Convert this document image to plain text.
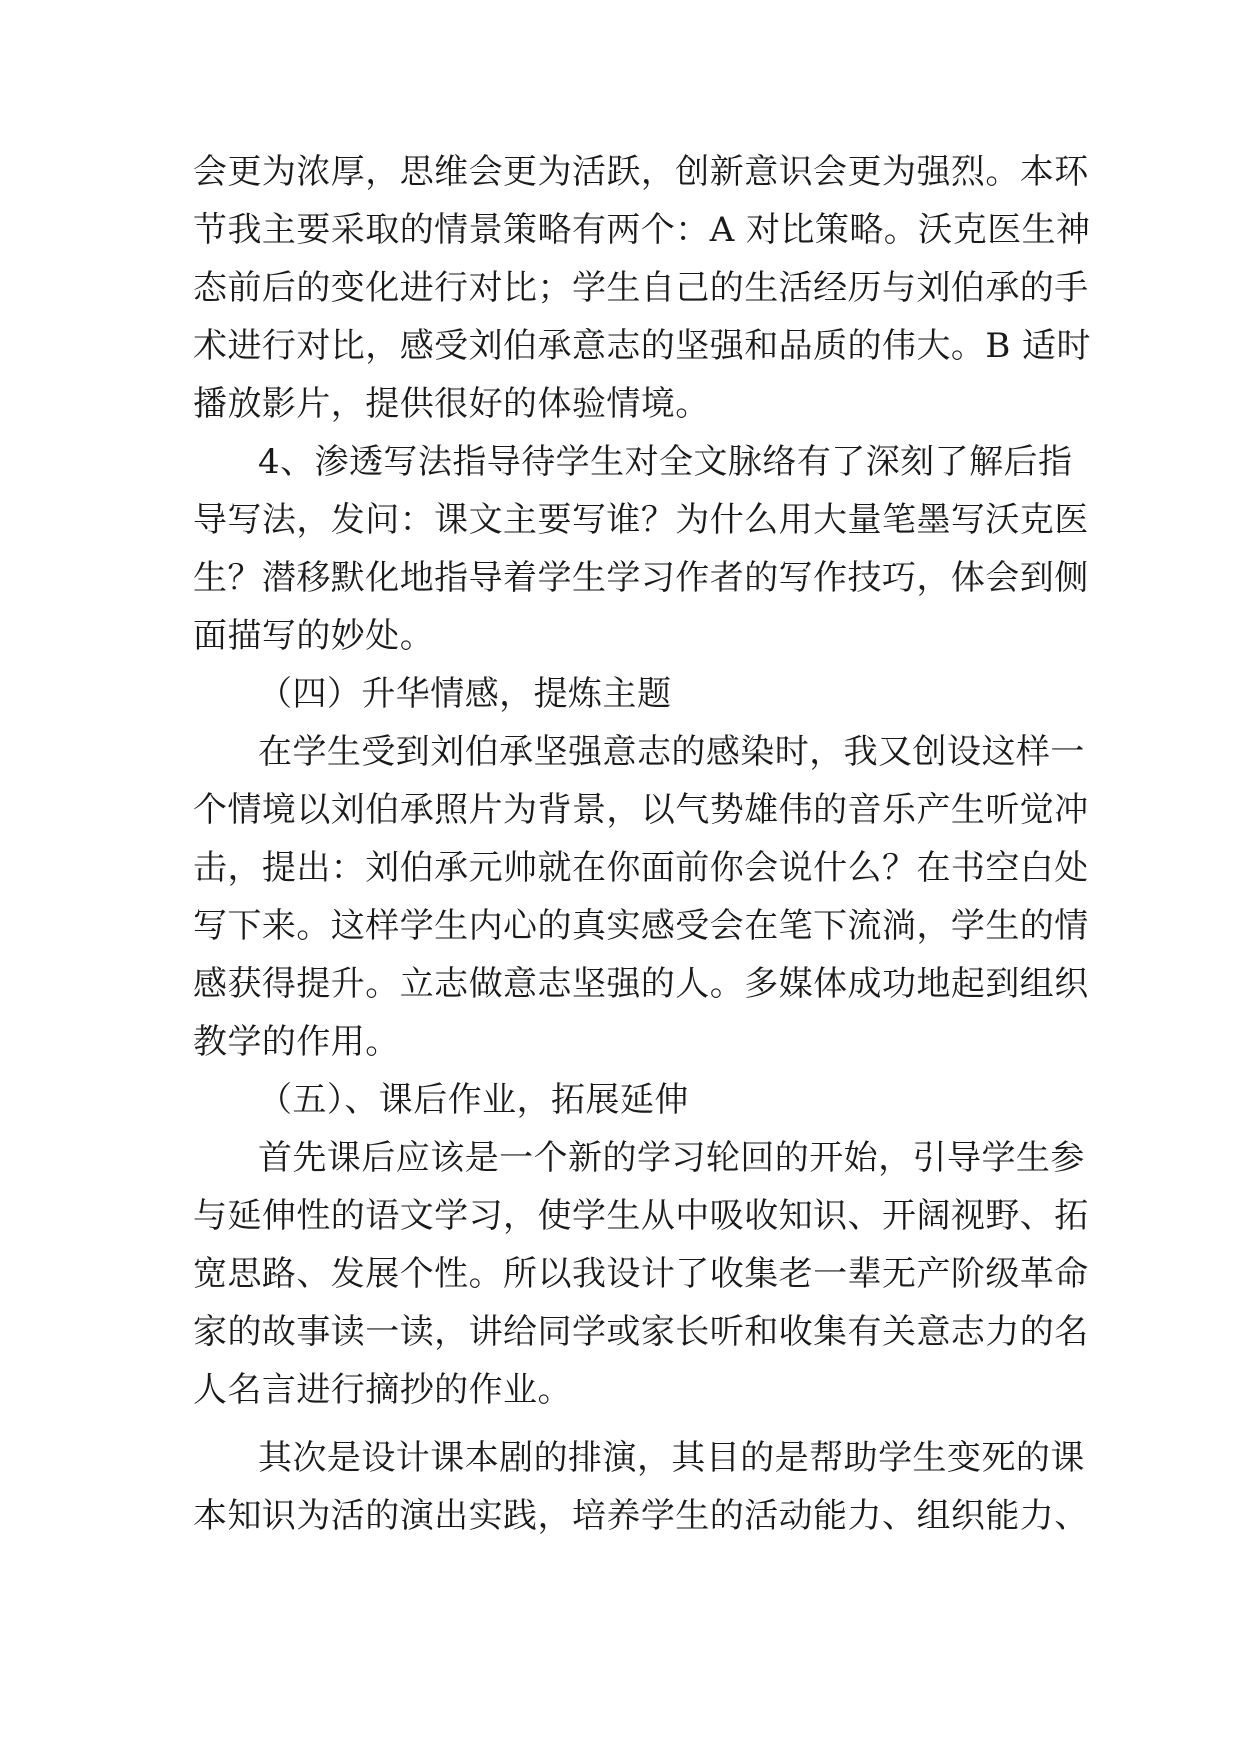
会更为浓厚，思维会更为活跃，创新意识会更为强烈。本环
节我主要采取的情景策略有两个：A 对比策略。沃克医生神
态前后的变化进行对比；学生自己的生活经历与刘伯承的手
术进行对比，感受刘伯承意志的坚强和品质的伟大。B 适时
播放影片，提供很好的体验情境。
4、渗透写法指导待学生对全文脉络有了深刻了解后指
导写法，发问：课文主要写谁？为什么用大量笔墨写沃克医
生？潜移默化地指导着学生学习作者的写作技巧，体会到侧
面描写的妙处。
（四）升华情感，提炼主题
在学生受到刘伯承坚强意志的感染时，我又创设这样一
个情境以刘伯承照片为背景，以气势雄伟的音乐产生听觉冲
击，提出：刘伯承元帅就在你面前你会说什么？在书空白处
写下来。这样学生内心的真实感受会在笔下流淌，学生的情
感获得提升。立志做意志坚强的人。多媒体成功地起到组织
教学的作用。
（五）、课后作业，拓展延伸
首先课后应该是一个新的学习轮回的开始，引导学生参
与延伸性的语文学习，使学生从中吸收知识、开阔视野、拓
宽思路、发展个性。所以我设计了收集老一辈无产阶级革命
家的故事读一读，讲给同学或家长听和收集有关意志力的名
人名言进行摘抄的作业。
其次是设计课本剧的排演，其目的是帮助学生变死的课
本知识为活的演出实践，培养学生的活动能力、组织能力、
